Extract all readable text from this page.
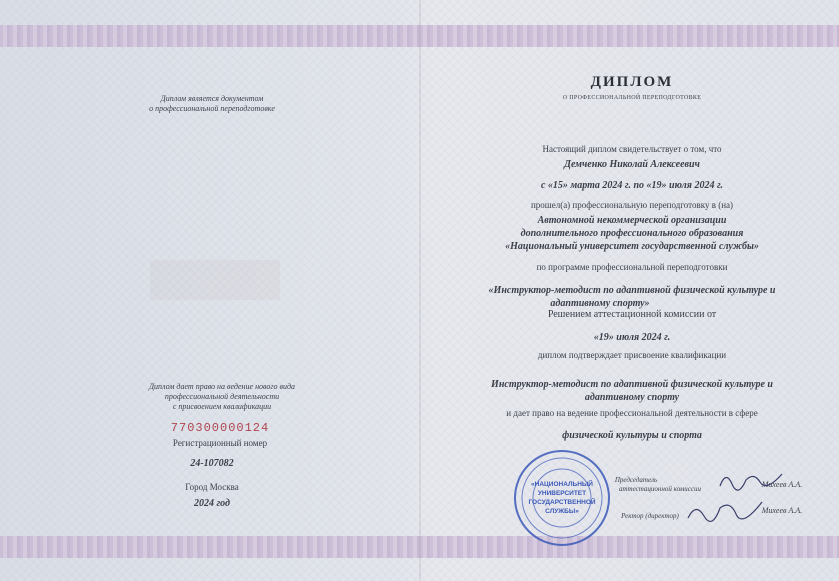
Диплом является документом
о профессиональной переподготовке
Диплом дает право на ведение нового вида
профессиональной деятельности
с присвоением квалификации
770300000124
Регистрационный номер
24-107082
Город Москва
2024 год
ДИПЛОМ
О ПРОФЕССИОНАЛЬНОЙ ПЕРЕПОДГОТОВКЕ
Настоящий диплом свидетельствует о том, что
Демченко Николай Алексеевич
с «15» марта 2024 г. по «19» июля 2024 г.
прошел(а) профессиональную переподготовку в (на)
Автономной некоммерческой организации
дополнительного профессионального образования
«Национальный университет государственной службы»
по программе профессиональной переподготовки
«Инструктор-методист по адаптивной физической культуре и
адаптивному спорту»
Решением аттестационной комиссии от
«19» июля 2024 г.
диплом подтверждает присвоение квалификации
Инструктор-методист по адаптивной физической культуре и
адаптивному спорту
и дает право на ведение профессиональной деятельности в сфере
физической культуры и спорта
Председатель
аттестационной комиссии	Михеев А.А.
Ректор (директор)
Михеев А.А.
«НАЦИОНАЛЬНЫЙ
УНИВЕРСИТЕТ
ГОСУДАРСТВЕННОЙ
СЛУЖБЫ»
